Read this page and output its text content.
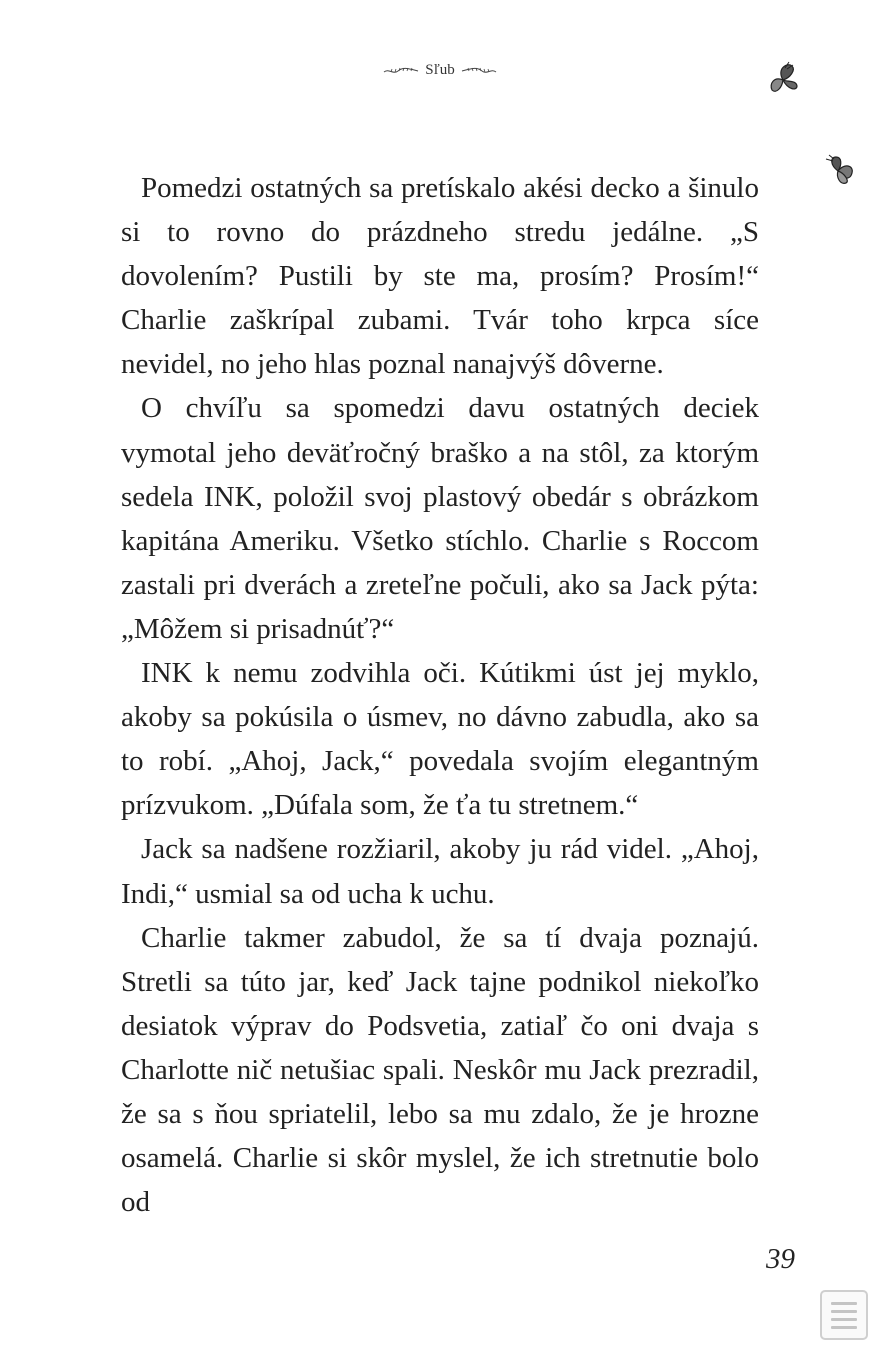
Sľub

Pomedzi ostatných sa pretískalo akési decko a šinulo si to rovno do prázdneho stredu jedálne. „S dovolením? Pustili by ste ma, prosím? Prosím!“ Charlie zaškrípal zubami. Tvár toho krpca síce nevidel, no jeho hlas poznal nanajvýš dôverne.

O chvíľu sa spomedzi davu ostatných deciek vymotal jeho deväťročný braško a na stôl, za ktorým sedela INK, položil svoj plastový obedár s obrázkom kapitána Ameriku. Všetko stíchlo. Charlie s Roccom zastali pri dverách a zreteľne počuli, ako sa Jack pýta: „Môžem si prisadnúť?“

INK k nemu zodvihla oči. Kútikmi úst jej myklo, akoby sa pokúsila o úsmev, no dávno zabudla, ako sa to robí. „Ahoj, Jack,“ povedala svojím elegantným prízvukom. „Dúfala som, že ťa tu stretnem.“

Jack sa nadšene rozžiaril, akoby ju rád videl. „Ahoj, Indi,“ usmial sa od ucha k uchu.

Charlie takmer zabudol, že sa tí dvaja poznajú. Stretli sa túto jar, keď Jack tajne podnikol niekoľko desiatok výprav do Podsvetia, zatiaľ čo oni dvaja s Charlotte nič netušiac spali. Neskôr mu Jack prezradil, že sa s ňou spriatelil, lebo sa mu zdalo, že je hrozne osamelá. Charlie si skôr myslel, že ich stretnutie bolo od

39
